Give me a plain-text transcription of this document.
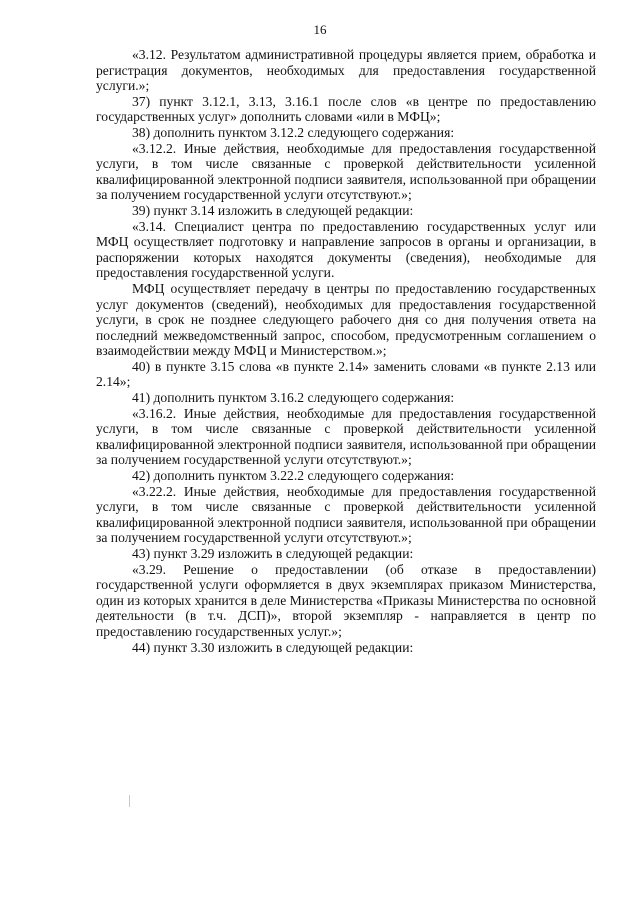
16

«3.12. Результатом административной процедуры является прием, обработка и регистрация документов, необходимых для предоставления государственной услуги.»;

37) пункт 3.12.1, 3.13, 3.16.1 после слов «в центре по предоставлению государственных услуг» дополнить словами «или в МФЦ»;

38) дополнить пунктом 3.12.2 следующего содержания:

«3.12.2. Иные действия, необходимые для предоставления государственной услуги, в том числе связанные с проверкой действительности усиленной квалифицированной электронной подписи заявителя, использованной при обращении за получением государственной услуги отсутствуют.»;

39) пункт 3.14 изложить в следующей редакции:

«3.14. Специалист центра по предоставлению государственных услуг или МФЦ осуществляет подготовку и направление запросов в органы и организации, в распоряжении которых находятся документы (сведения), необходимые для предоставления государственной услуги.

МФЦ осуществляет передачу в центры по предоставлению государственных услуг документов (сведений), необходимых для предоставления государственной услуги, в срок не позднее следующего рабочего дня со дня получения ответа на последний межведомственный запрос, способом, предусмотренным соглашением о взаимодействии между МФЦ и Министерством.»;

40) в пункте 3.15 слова «в пункте 2.14» заменить словами «в пункте 2.13 или 2.14»;

41) дополнить пунктом 3.16.2 следующего содержания:

«3.16.2. Иные действия, необходимые для предоставления государственной услуги, в том числе связанные с проверкой действительности усиленной квалифицированной электронной подписи заявителя, использованной при обращении за получением государственной услуги отсутствуют.»;

42) дополнить пунктом 3.22.2 следующего содержания:

«3.22.2. Иные действия, необходимые для предоставления государственной услуги, в том числе связанные с проверкой действительности усиленной квалифицированной электронной подписи заявителя, использованной при обращении за получением государственной услуги отсутствуют.»;

43) пункт 3.29 изложить в следующей редакции:

«3.29. Решение о предоставлении (об отказе в предоставлении) государственной услуги оформляется в двух экземплярах приказом Министерства, один из которых хранится в деле Министерства «Приказы Министерства по основной деятельности (в т.ч. ДСП)», второй экземпляр - направляется в центр по предоставлению государственных услуг.»;

44) пункт 3.30 изложить в следующей редакции:
